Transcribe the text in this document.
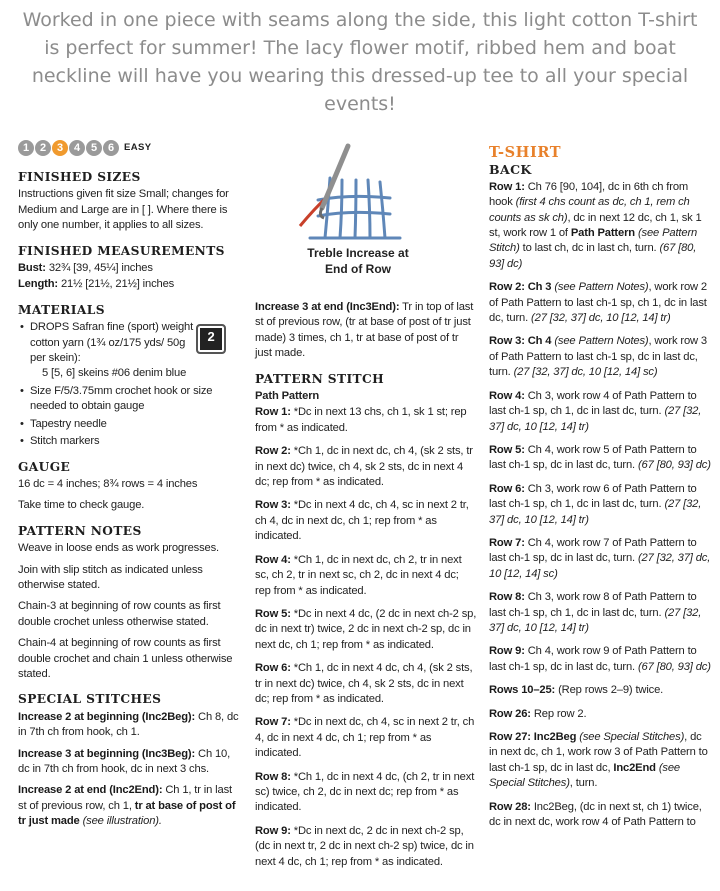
Worked in one piece with seams along the side, this light cotton T-shirt is perfect for summer! The lacy flower motif, ribbed hem and boat neckline will have you wearing this dressed-up tee to all your special events!
1	2	3	4	5	6	EASY
FINISHED SIZES

Instructions given fit size Small; changes for Medium and Large are in [ ]. Where there is only one number, it applies to all sizes.

FINISHED MEASUREMENTS

Bust: 32¾ [39, 45¼] inches

Length: 21½ [21½, 21½] inches

MATERIALS
• DROPS Safran fine (sport) weight cotton yarn (1¾ oz/175 yds/ 50g per skein):
5 [5, 6] skeins #06 denim blue
2
• Size F/5/3.75mm crochet hook or size needed to obtain gauge
• Tapestry needle
• Stitch markers
GAUGE

16 dc = 4 inches; 8¾ rows = 4 inches

Take time to check gauge.

PATTERN NOTES

Weave in loose ends as work progresses.

Join with slip stitch as indicated unless otherwise stated.

Chain-3 at beginning of row counts as first double crochet unless otherwise stated.

Chain-4 at beginning of row counts as first double crochet and chain 1 unless otherwise stated.

SPECIAL STITCHES

Increase 2 at beginning (Inc2Beg): Ch 8, dc in 7th ch from hook, ch 1.

Increase 3 at beginning (Inc3Beg): Ch 10, dc in 7th ch from hook, dc in next 3 chs.

Increase 2 at end (Inc2End): Ch 1, tr in last st of previous row, ch 1, tr at base of post of tr just made (see illustration).

Treble Increase at End of Row

Increase 3 at end (Inc3End): Tr in top of last st of previous row, (tr at base of post of tr just made) 3 times, ch 1, tr at base of post of tr just made.

PATTERN STITCH
Path Pattern

Row 1: *Dc in next 13 chs, ch 1, sk 1 st; rep from * as indicated.

Row 2: *Ch 1, dc in next dc, ch 4, (sk 2 sts, tr in next dc) twice, ch 4, sk 2 sts, dc in next 4 dc; rep from * as indicated.

Row 3: *Dc in next 4 dc, ch 4, sc in next 2 tr, ch 4, dc in next dc, ch 1; rep from * as indicated.

Row 4: *Ch 1, dc in next dc, ch 2, tr in next sc, ch 2, tr in next sc, ch 2, dc in next 4 dc; rep from * as indicated.

Row 5: *Dc in next 4 dc, (2 dc in next ch-2 sp, dc in next tr) twice, 2 dc in next ch-2 sp, dc in next dc, ch 1; rep from * as indicated.

Row 6: *Ch 1, dc in next 4 dc, ch 4, (sk 2 sts, tr in next dc) twice, ch 4, sk 2 sts, dc in next dc; rep from * as indicated.

Row 7: *Dc in next dc, ch 4, sc in next 2 tr, ch 4, dc in next 4 dc, ch 1; rep from * as indicated.

Row 8: *Ch 1, dc in next 4 dc, (ch 2, tr in next sc) twice, ch 2, dc in next dc; rep from * as indicated.

Row 9: *Dc in next dc, 2 dc in next ch-2 sp, (dc in next tr, 2 dc in next ch-2 sp) twice, dc in next 4 dc, ch 1; rep from * as indicated.

T-SHIRT
BACK

Row 1: Ch 76 [90, 104], dc in 6th ch from hook (first 4 chs count as dc, ch 1, rem ch counts as sk ch), dc in next 12 dc, ch 1, sk 1 st, work row 1 of Path Pattern (see Pattern Stitch) to last ch, dc in last ch, turn. (67 [80, 93] dc)

Row 2: Ch 3 (see Pattern Notes), work row 2 of Path Pattern to last ch-1 sp, ch 1, dc in last dc, turn. (27 [32, 37] dc, 10 [12, 14] tr)

Row 3: Ch 4 (see Pattern Notes), work row 3 of Path Pattern to last ch-1 sp, dc in last dc, turn. (27 [32, 37] dc, 10 [12, 14] sc)

Row 4: Ch 3, work row 4 of Path Pattern to last ch-1 sp, ch 1, dc in last dc, turn. (27 [32, 37] dc, 10 [12, 14] tr)

Row 5: Ch 4, work row 5 of Path Pattern to last ch-1 sp, dc in last dc, turn. (67 [80, 93] dc)

Row 6: Ch 3, work row 6 of Path Pattern to last ch-1 sp, ch 1, dc in last dc, turn. (27 [32, 37] dc, 10 [12, 14] tr)

Row 7: Ch 4, work row 7 of Path Pattern to last ch-1 sp, dc in last dc, turn. (27 [32, 37] dc, 10 [12, 14] sc)

Row 8: Ch 3, work row 8 of Path Pattern to last ch-1 sp, ch 1, dc in last dc, turn. (27 [32, 37] dc, 10 [12, 14] tr)

Row 9: Ch 4, work row 9 of Path Pattern to last ch-1 sp, dc in last dc, turn. (67 [80, 93] dc)

Rows 10–25: (Rep rows 2–9) twice.

Row 26: Rep row 2.

Row 27: Inc2Beg (see Special Stitches), dc in next dc, ch 1, work row 3 of Path Pattern to last ch-1 sp, dc in last dc, Inc2End (see Special Stitches), turn.

Row 28: Inc2Beg, (dc in next st, ch 1) twice, dc in next dc, work row 4 of Path Pattern to
